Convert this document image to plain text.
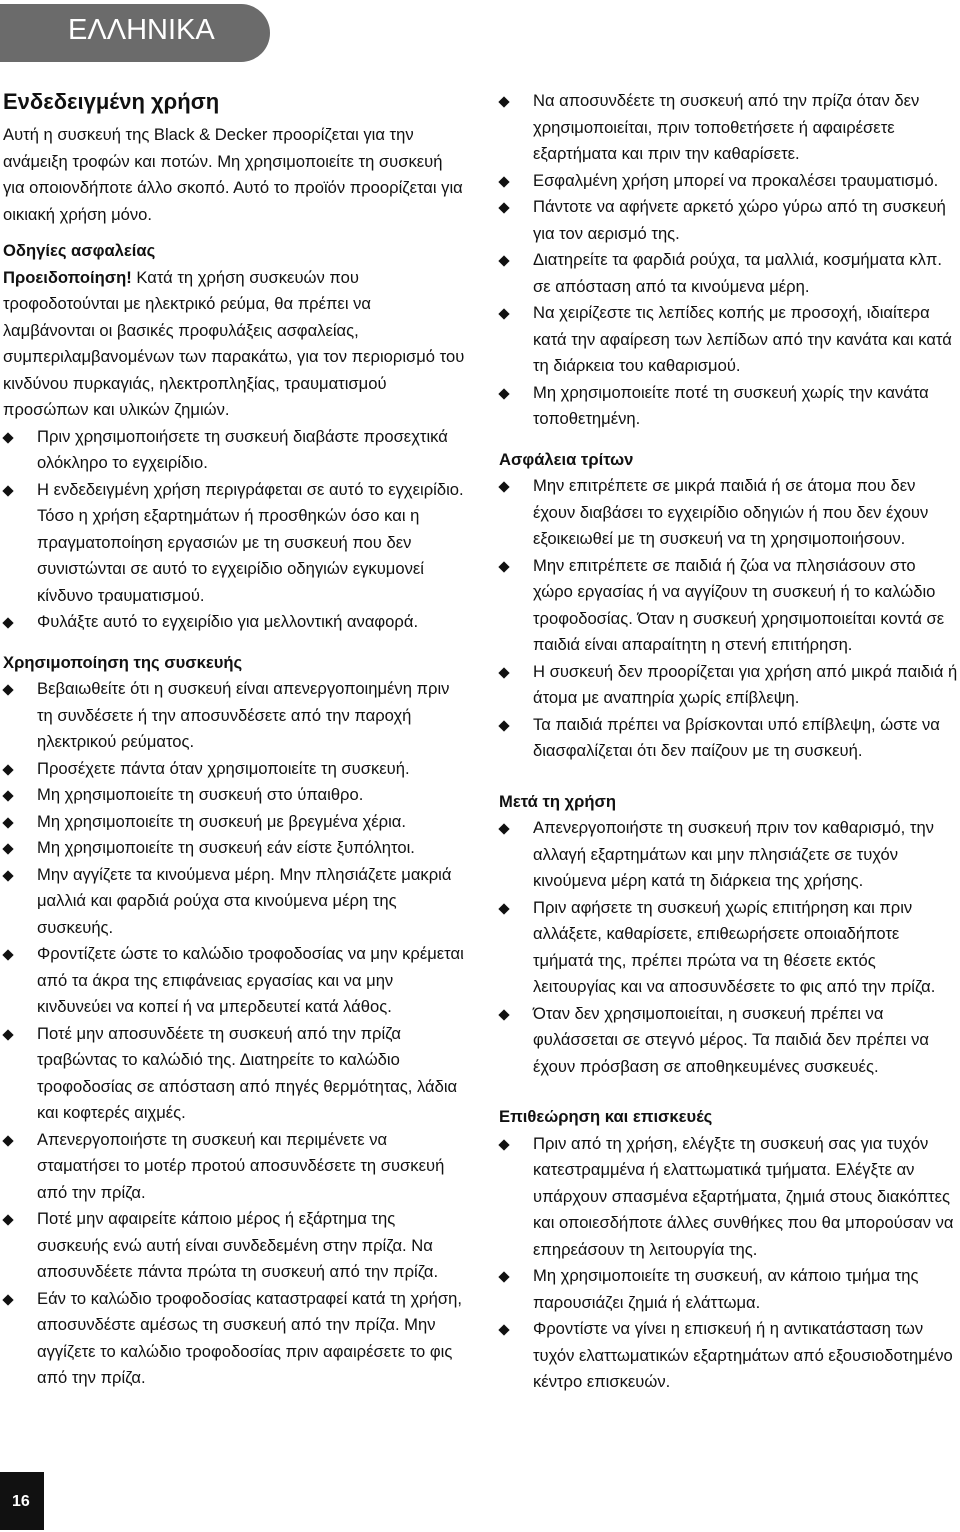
ΕΛΛΗΝΙΚΑ
Ενδεδειγμένη χρήση

Αυτή η συσκευή της Black & Decker προορίζεται για την ανάμειξη τροφών και ποτών. Μη χρησιμοποιείτε τη συσκευή για οποιονδήποτε άλλο σκοπό. Αυτό το προϊόν προορίζεται για οικιακή χρήση μόνο.

Οδηγίες ασφαλείας

Προειδοποίηση! Κατά τη χρήση συσκευών που τροφοδοτούνται με ηλεκτρικό ρεύμα, θα πρέπει να λαμβάνονται οι βασικές προφυλάξεις ασφαλείας, συμπεριλαμβανομένων των παρακάτω, για τον περιορισμό του κινδύνου πυρκαγιάς, ηλεκτροπληξίας, τραυματισμού προσώπων και υλικών ζημιών.

Πριν χρησιμοποιήσετε τη συσκευή διαβάστε προσεχτικά ολόκληρο το εγχειρίδιο.
Η ενδεδειγμένη χρήση περιγράφεται σε αυτό το εγχειρίδιο. Τόσο η χρήση εξαρτημάτων ή προσθηκών όσο και η πραγματοποίηση εργασιών με τη συσκευή που δεν συνιστώνται σε αυτό το εγχειρίδιο οδηγιών εγκυμονεί κίνδυνο τραυματισμού.
Φυλάξτε αυτό το εγχειρίδιο για μελλοντική αναφορά.

Χρησιμοποίηση της συσκευής

Βεβαιωθείτε ότι η συσκευή είναι απενεργοποιημένη πριν τη συνδέσετε ή την αποσυνδέσετε από την παροχή ηλεκτρικού ρεύματος.
Προσέχετε πάντα όταν χρησιμοποιείτε τη συσκευή.
Μη χρησιμοποιείτε τη συσκευή στο ύπαιθρο.
Μη χρησιμοποιείτε τη συσκευή με βρεγμένα χέρια.
Μη χρησιμοποιείτε τη συσκευή εάν είστε ξυπόλητοι.
Μην αγγίζετε τα κινούμενα μέρη. Μην πλησιάζετε μακριά μαλλιά και φαρδιά ρούχα στα κινούμενα μέρη της συσκευής.
Φροντίζετε ώστε το καλώδιο τροφοδοσίας να μην κρέμεται από τα άκρα της επιφάνειας εργασίας και να μην κινδυνεύει να κοπεί ή να μπερδευτεί κατά λάθος.
Ποτέ μην αποσυνδέετε τη συσκευή από την πρίζα τραβώντας το καλώδιό της. Διατηρείτε το καλώδιο τροφοδοσίας σε απόσταση από πηγές θερμότητας, λάδια και κοφτερές αιχμές.
Απενεργοποιήστε τη συσκευή και περιμένετε να σταματήσει το μοτέρ προτού αποσυνδέσετε τη συσκευή από την πρίζα.
Ποτέ μην αφαιρείτε κάποιο μέρος ή εξάρτημα της συσκευής ενώ αυτή είναι συνδεδεμένη στην πρίζα. Να αποσυνδέετε πάντα πρώτα τη συσκευή από την πρίζα.
Εάν το καλώδιο τροφοδοσίας καταστραφεί κατά τη χρήση, αποσυνδέστε αμέσως τη συσκευή από την πρίζα. Μην αγγίζετε το καλώδιο τροφοδοσίας πριν αφαιρέσετε το φις από την πρίζα.
Να αποσυνδέετε τη συσκευή από την πρίζα όταν δεν χρησιμοποιείται, πριν τοποθετήσετε ή αφαιρέσετε εξαρτήματα και πριν την καθαρίσετε.
Εσφαλμένη χρήση μπορεί να προκαλέσει τραυματισμό.
Πάντοτε να αφήνετε αρκετό χώρο γύρω από τη συσκευή για τον αερισμό της.
Διατηρείτε τα φαρδιά ρούχα, τα μαλλιά, κοσμήματα κλπ. σε απόσταση από τα κινούμενα μέρη.
Να χειρίζεστε τις λεπίδες κοπής με προσοχή, ιδιαίτερα κατά την αφαίρεση των λεπίδων από την κανάτα και κατά τη διάρκεια του καθαρισμού.
Μη χρησιμοποιείτε ποτέ τη συσκευή χωρίς την κανάτα τοποθετημένη.

Ασφάλεια τρίτων

Μην επιτρέπετε σε μικρά παιδιά ή σε άτομα που δεν έχουν διαβάσει το εγχειρίδιο οδηγιών ή που δεν έχουν εξοικειωθεί με τη συσκευή να τη χρησιμοποιήσουν.
Μην επιτρέπετε σε παιδιά ή ζώα να πλησιάσουν στο χώρο εργασίας ή να αγγίζουν τη συσκευή ή το καλώδιο τροφοδοσίας. Όταν η συσκευή χρησιμοποιείται κοντά σε παιδιά είναι απαραίτητη η στενή επιτήρηση.
Η συσκευή δεν προορίζεται για χρήση από μικρά παιδιά ή άτομα με αναπηρία χωρίς επίβλεψη.
Τα παιδιά πρέπει να βρίσκονται υπό επίβλεψη, ώστε να διασφαλίζεται ότι δεν παίζουν με τη συσκευή.

Μετά τη χρήση

Απενεργοποιήστε τη συσκευή πριν τον καθαρισμό, την αλλαγή εξαρτημάτων και μην πλησιάζετε σε τυχόν κινούμενα μέρη κατά τη διάρκεια της χρήσης.
Πριν αφήσετε τη συσκευή χωρίς επιτήρηση και πριν αλλάξετε, καθαρίσετε, επιθεωρήσετε οποιαδήποτε τμήματά της, πρέπει πρώτα να τη θέσετε εκτός λειτουργίας και να αποσυνδέσετε το φις από την πρίζα.
Όταν δεν χρησιμοποιείται, η συσκευή πρέπει να φυλάσσεται σε στεγνό μέρος. Τα παιδιά δεν πρέπει να έχουν πρόσβαση σε αποθηκευμένες συσκευές.

Επιθεώρηση και επισκευές

Πριν από τη χρήση, ελέγξτε τη συσκευή σας για τυχόν κατεστραμμένα ή ελαττωματικά τμήματα. Ελέγξτε αν υπάρχουν σπασμένα εξαρτήματα, ζημιά στους διακόπτες και οποιεσδήποτε άλλες συνθήκες που θα μπορούσαν να επηρεάσουν τη λειτουργία της.
Μη χρησιμοποιείτε τη συσκευή, αν κάποιο τμήμα της παρουσιάζει ζημιά ή ελάττωμα.
Φροντίστε να γίνει η επισκευή ή η αντικατάσταση των τυχόν ελαττωματικών εξαρτημάτων από εξουσιοδοτημένο κέντρο επισκευών.
16
